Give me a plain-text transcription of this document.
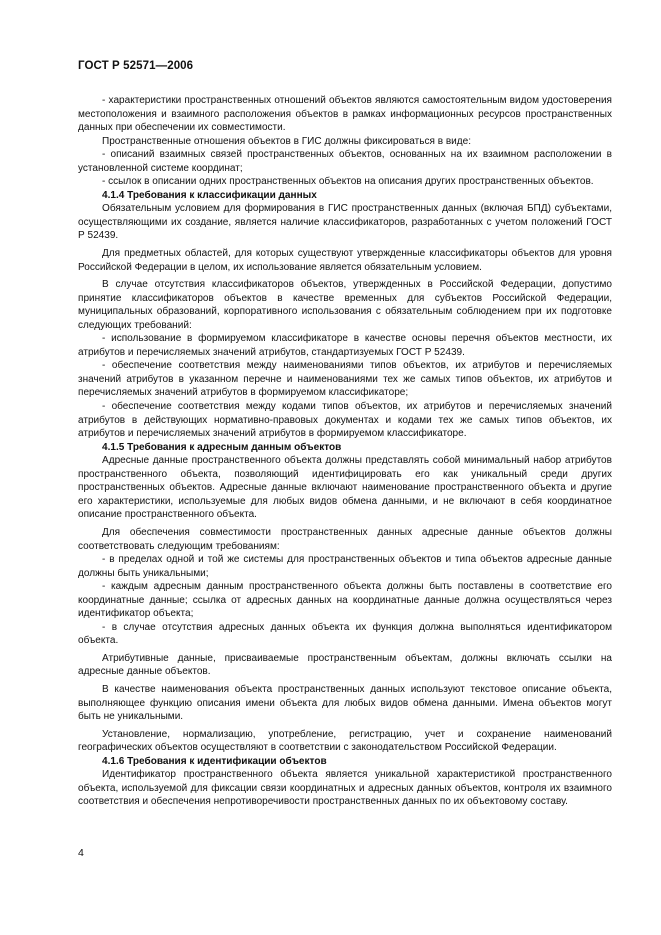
ГОСТ Р 52571—2006

- характеристики пространственных отношений объектов являются самостоятельным видом удостоверения местоположения и взаимного расположения объектов в рамках информационных ресурсов пространственных данных при обеспечении их совместимости.

Пространственные отношения объектов в ГИС должны фиксироваться в виде:

- описаний взаимных связей пространственных объектов, основанных на их взаимном расположении в установленной системе координат;

- ссылок в описании одних пространственных объектов на описания других пространственных объектов.

4.1.4 Требования к классификации данных

Обязательным условием для формирования в ГИС пространственных данных (включая БПД) субъектами, осуществляющими их создание, является наличие классификаторов, разработанных с учетом положений ГОСТ Р 52439.

Для предметных областей, для которых существуют утвержденные классификаторы объектов для уровня Российской Федерации в целом, их использование является обязательным условием.

В случае отсутствия классификаторов объектов, утвержденных в Российской Федерации, допустимо принятие классификаторов объектов в качестве временных для субъектов Российской Федерации, муниципальных образований, корпоративного использования с обязательным соблюдением при их подготовке следующих требований:

- использование в формируемом классификаторе в качестве основы перечня объектов местности, их атрибутов и перечисляемых значений атрибутов, стандартизуемых ГОСТ Р 52439.

- обеспечение соответствия между наименованиями типов объектов, их атрибутов и перечисляемых значений атрибутов в указанном перечне и наименованиями тех же самых типов объектов, их атрибутов и перечисляемых значений атрибутов в формируемом классификаторе;

- обеспечение соответствия между кодами типов объектов, их атрибутов и перечисляемых значений атрибутов в действующих нормативно-правовых документах и кодами тех же самых типов объектов, их атрибутов и перечисляемых значений атрибутов в формируемом классификаторе.

4.1.5 Требования к адресным данным объектов

Адресные данные пространственного объекта должны представлять собой минимальный набор атрибутов пространственного объекта, позволяющий идентифицировать его как уникальный среди других пространственных объектов. Адресные данные включают наименование пространственного объекта и другие его характеристики, используемые для любых видов обмена данными, и не включают в себя координатное описание пространственного объекта.

Для обеспечения совместимости пространственных данных адресные данные объектов должны соответствовать следующим требованиям:

- в пределах одной и той же системы для пространственных объектов и типа объектов адресные данные должны быть уникальными;

- каждым адресным данным пространственного объекта должны быть поставлены в соответствие его координатные данные; ссылка от адресных данных на координатные данные должна осуществляться через идентификатор объекта;

- в случае отсутствия адресных данных объекта их функция должна выполняться идентификатором объекта.

Атрибутивные данные, присваиваемые пространственным объектам, должны включать ссылки на адресные данные объектов.

В качестве наименования объекта пространственных данных используют текстовое описание объекта, выполняющее функцию описания имени объекта для любых видов обмена данными. Имена объектов могут быть не уникальными.

Установление, нормализацию, употребление, регистрацию, учет и сохранение наименований географических объектов осуществляют в соответствии с законодательством Российской Федерации.

4.1.6 Требования к идентификации объектов

Идентификатор пространственного объекта является уникальной характеристикой пространственного объекта, используемой для фиксации связи координатных и адресных данных объектов, контроля их взаимного соответствия и обеспечения непротиворечивости пространственных данных по их объектовому составу.

4
